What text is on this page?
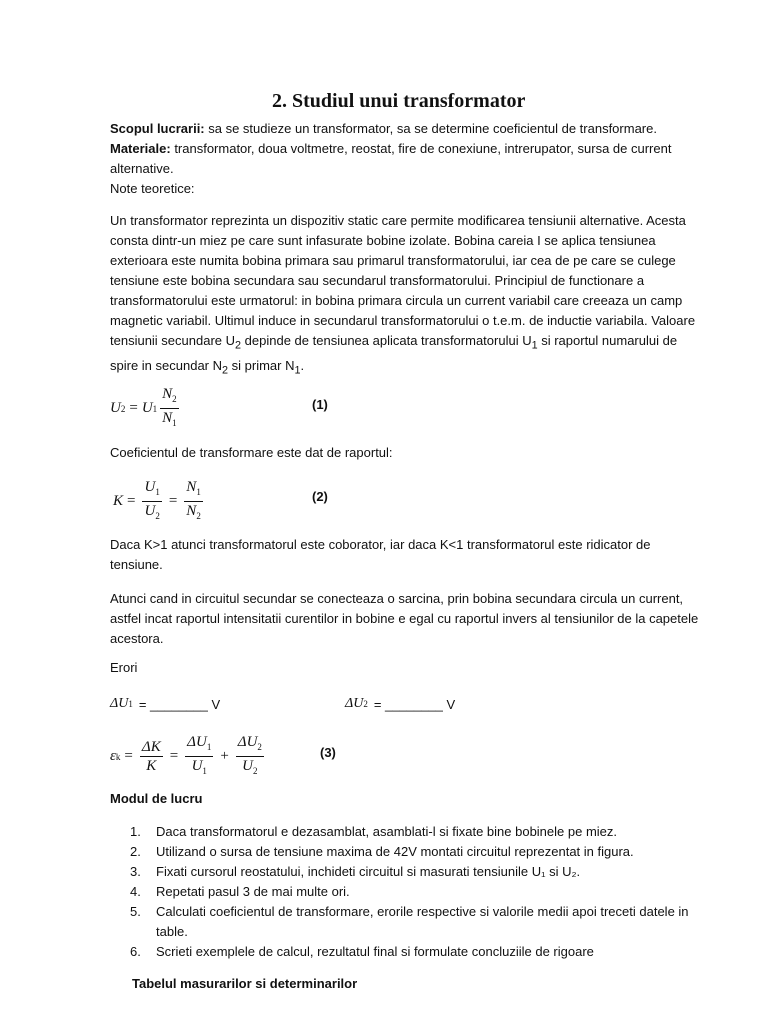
2. Studiul unui transformator

Scopul lucrarii: sa se studieze un transformator, sa se determine coeficientul de transformare.

Materiale: transformator, doua voltmetre, reostat, fire de conexiune, intrerupator, sursa de current alternative.

Note teoretice:

Un transformator reprezinta un dispozitiv static care permite modificarea tensiunii alternative. Acesta consta dintr-un miez pe care sunt infasurate bobine izolate. Bobina careia I se aplica tensiunea exterioara este numita bobina primara sau primarul transformatorului, iar cea de pe care se culege tensiune este bobina secundara sau secundarul transformatorului. Principiul de functionare a transformatorului este urmatorul: in bobina primara circula un current variabil care creeaza un camp magnetic variabil. Ultimul induce in secundarul transformatorului o t.e.m. de inductie variabila. Valoare tensiunii secundare $U_2$ depinde de tensiunea aplicata transformatorului $U_1$ si raportul numarului de spire in secundar $N_2$ si primar $N_1$.

U 2 = U $1 \frac{N_2}{N_1}$	(1)
Coeficientul de transformare este dat de raportul:
$K = \frac{U_1}{U_2} = \frac{N_1}{N_2}$	(2)
Daca K>1 atunci transformatorul este coborator, iar daca K<1 transformatorul este ridicator de tensiune.
Atunci cand in circuitul secundar se conecteaza o sarcina, prin bobina secundara circula un current, astfel incat raportul intensitatii curentilor in bobine e egal cu raportul invers al tensiunilor de la capetele acestora.
Erori
ΔU 1 = ________ V	ΔU 2 = ________ V
ε $k = \frac{\Delta K}{K} = \frac{\Delta U_1}{U_1} + \frac{\Delta U_2}{U_2}$	(3)
Modul de lucru
1.	Daca transformatorul e dezasamblat, asamblati-l si fixate bine bobinele pe miez.
2.	Utilizand o sursa de tensiune maxima de 42V montati circuitul reprezentat in figura.
3.	Fixati cursorul reostatului, inchideti circuitul si masurati tensiunile U₁ si U₂.
4.	Repetati pasul 3 de mai multe ori.
5.	Calculati coeficientul de transformare, erorile respective si valorile medii apoi treceti datele in table.
6.	Scrieti exemplele de calcul, rezultatul final si formulate concluziile de rigoare
Tabelul masurarilor si determinarilor
